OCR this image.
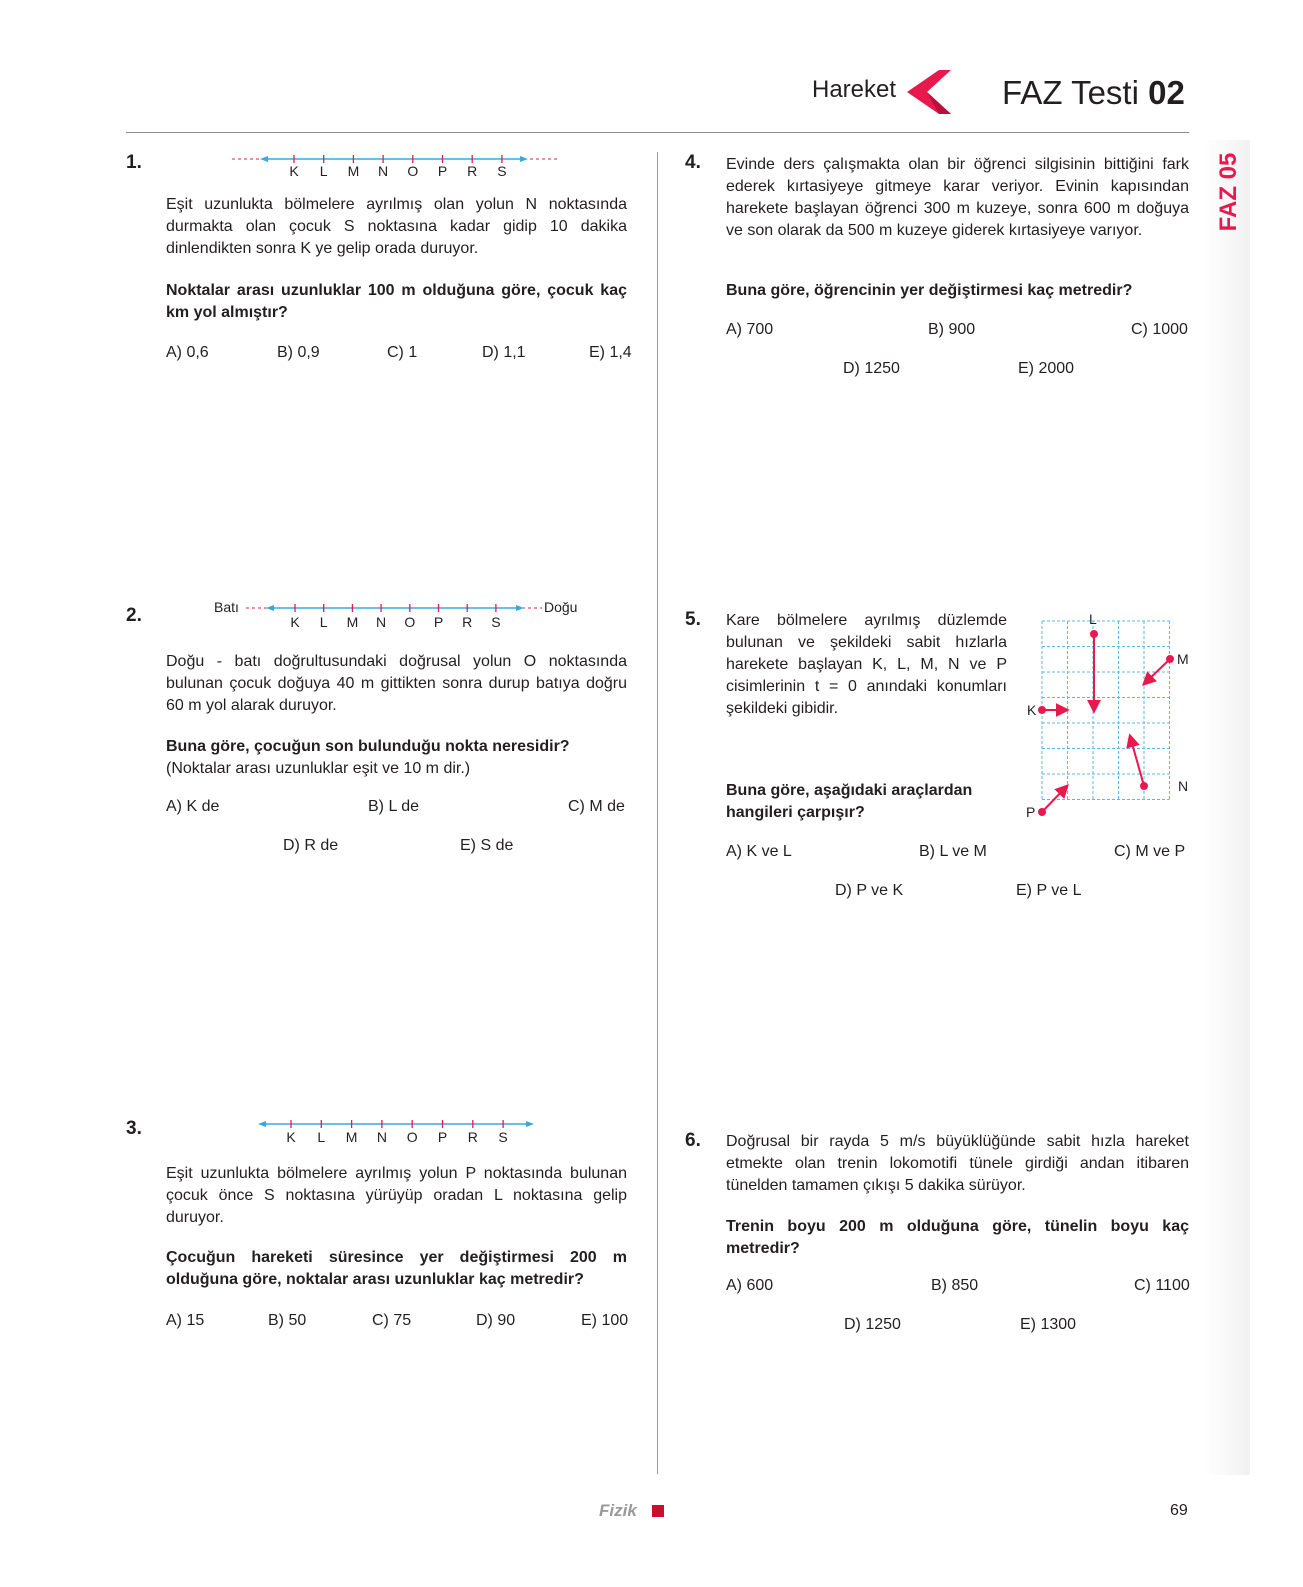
Hareket	FAZ Testi 02
FAZ 05
1.	K L M N O P R S
Eşit uzunlukta bölmelere ayrılmış olan yolun N noktasında durmakta olan çocuk S noktasına kadar gidip 10 dakika dinlendikten sonra K ye gelip orada duruyor.
Noktalar arası uzunluklar 100 m olduğuna göre, çocuk kaç km yol almıştır?
A) 0,6	B) 0,9	C) 1	D) 1,1	E) 1,4
2.	Batı	Doğu
K L M N O P R S
Doğu - batı doğrultusundaki doğrusal yolun O noktasında bulunan çocuk doğuya 40 m gittikten sonra durup batıya doğru 60 m yol alarak duruyor.
Buna göre, çocuğun son bulunduğu nokta neresidir?
(Noktalar arası uzunluklar eşit ve 10 m dir.)
A) K de	B) L de	C) M de
D) R de	E) S de
3.	K L M N O P R S
Eşit uzunlukta bölmelere ayrılmış yolun P noktasında bulunan çocuk önce S noktasına yürüyüp oradan L noktasına gelip duruyor.
Çocuğun hareketi süresince yer değiştirmesi 200 m olduğuna göre, noktalar arası uzunluklar kaç metredir?
A) 15	B) 50	C) 75	D) 90	E) 100
4. Evinde ders çalışmakta olan bir öğrenci silgisinin bittiğini fark ederek kırtasiyeye gitmeye karar veriyor. Evinin kapısından harekete başlayan öğrenci 300 m kuzeye, sonra 600 m doğuya ve son olarak da 500 m kuzeye giderek kırtasiyeye varıyor.
Buna göre, öğrencinin yer değiştirmesi kaç metredir?
A) 700	B) 900	C) 1000
D) 1250	E) 2000
5. Kare bölmelere ayrılmış düzlemde bulunan ve şekildeki sabit hızlarla harekete başlayan K, L, M, N ve P cisimlerinin t = 0 anındaki konumları şekildeki gibidir.
Buna göre, aşağıdaki araçlardan hangileri çarpışır?
L
M
K
N
P
A) K ve L	B) L ve M	C) M ve P
D) P ve K	E) P ve L
6. Doğrusal bir rayda 5 m/s büyüklüğünde sabit hızla hareket etmekte olan trenin lokomotifi tünele girdiği andan itibaren tünelden tamamen çıkışı 5 dakika sürüyor.
Trenin boyu 200 m olduğuna göre, tünelin boyu kaç metredir?
A) 600	B) 850	C) 1100
D) 1250	E) 1300
Fizik	69
